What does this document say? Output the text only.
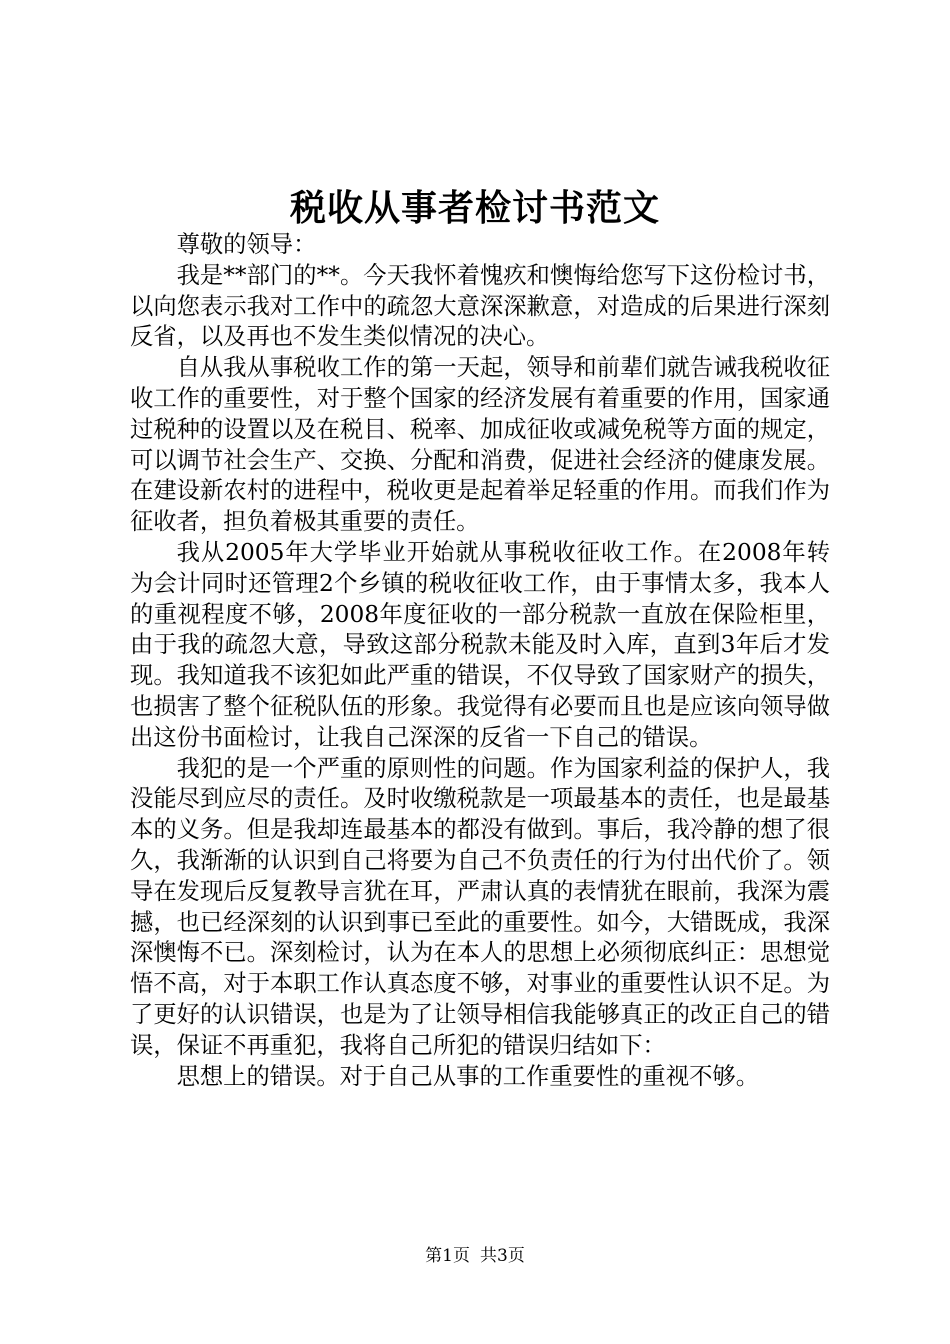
税收从事者检讨书范文

尊敬的领导：

我是**部门的**。今天我怀着愧疚和懊悔给您写下这份检讨书，以向您表示我对工作中的疏忽大意深深歉意，对造成的后果进行深刻反省，以及再也不发生类似情况的决心。

自从我从事税收工作的第一天起，领导和前辈们就告诫我税收征收工作的重要性，对于整个国家的经济发展有着重要的作用，国家通过税种的设置以及在税目、税率、加成征收或减免税等方面的规定，可以调节社会生产、交换、分配和消费，促进社会经济的健康发展。在建设新农村的进程中，税收更是起着举足轻重的作用。而我们作为征收者，担负着极其重要的责任。

我从2005年大学毕业开始就从事税收征收工作。在2008年转为会计同时还管理2个乡镇的税收征收工作，由于事情太多，我本人的重视程度不够，2008年度征收的一部分税款一直放在保险柜里，由于我的疏忽大意，导致这部分税款未能及时入库，直到3年后才发现。我知道我不该犯如此严重的错误，不仅导致了国家财产的损失，也损害了整个征税队伍的形象。我觉得有必要而且也是应该向领导做出这份书面检讨，让我自己深深的反省一下自己的错误。

我犯的是一个严重的原则性的问题。作为国家利益的保护人，我没能尽到应尽的责任。及时收缴税款是一项最基本的责任，也是最基本的义务。但是我却连最基本的都没有做到。事后，我冷静的想了很久，我渐渐的认识到自己将要为自己不负责任的行为付出代价了。领导在发现后反复教导言犹在耳，严肃认真的表情犹在眼前，我深为震撼，也已经深刻的认识到事已至此的重要性。如今，大错既成，我深深懊悔不已。深刻检讨，认为在本人的思想上必须彻底纠正：思想觉悟不高，对于本职工作认真态度不够，对事业的重要性认识不足。为了更好的认识错误，也是为了让领导相信我能够真正的改正自己的错误，保证不再重犯，我将自己所犯的错误归结如下：

思想上的错误。对于自己从事的工作重要性的重视不够。

第1页 共3页
